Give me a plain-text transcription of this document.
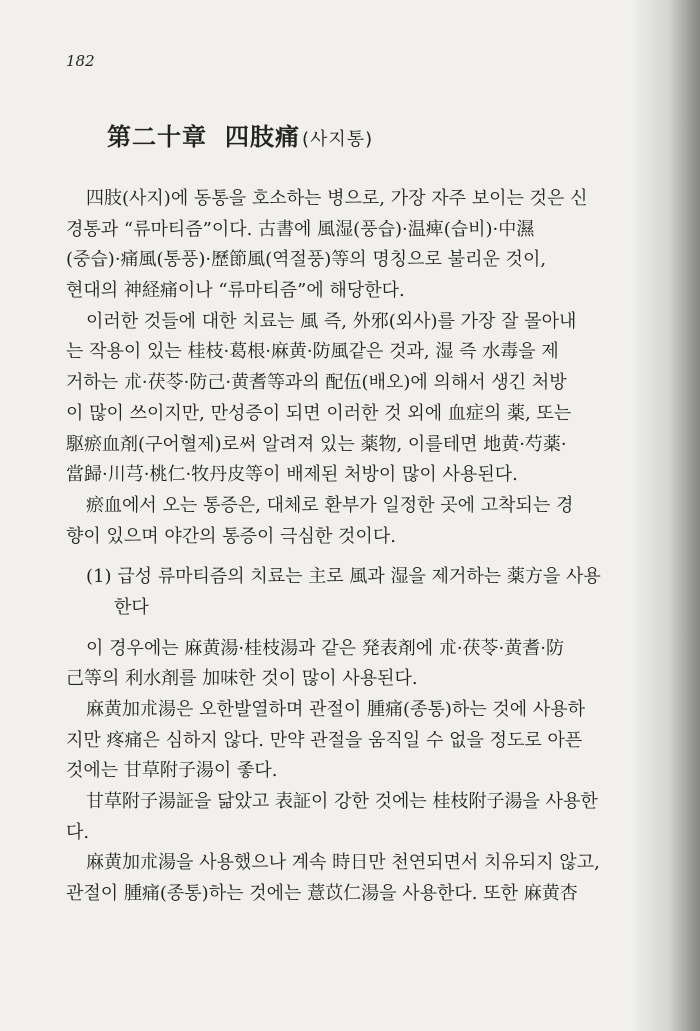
182
第二十章 四肢痛 (사지통)
四肢(사지)에 동통을 호소하는 병으로, 가장 자주 보이는 것은 신
경통과 “류마티즘”이다. 古書에 風湿(풍습)·温痺(습비)·中濕
(중습)·痛風(통풍)·歷節風(역절풍)等의 명칭으로 불리운 것이,
현대의 神経痛이나 “류마티즘”에 해당한다.
이러한 것들에 대한 치료는 風 즉, 外邪(외사)를 가장 잘 몰아내
는 작용이 있는 桂枝·葛根·麻黄·防風같은 것과, 湿 즉 水毒을 제
거하는 朮·茯苓·防己·黄耆等과의 配伍(배오)에 의해서 생긴 처방
이 많이 쓰이지만, 만성증이 되면 이러한 것 외에 血症의 薬, 또는
駆瘀血剤(구어혈제)로써 알려져 있는 薬物, 이를테면 地黄·芍薬·
當歸·川芎·桃仁·牧丹皮等이 배제된 처방이 많이 사용된다.
瘀血에서 오는 통증은, 대체로 환부가 일정한 곳에 고착되는 경
향이 있으며 야간의 통증이 극심한 것이다.
(1) 급성 류마티즘의 치료는 主로 風과 湿을 제거하는 薬方을 사용
한다
이 경우에는 麻黄湯·桂枝湯과 같은 発表剤에 朮·茯苓·黄耆·防
己等의 利水剤를 加味한 것이 많이 사용된다.
麻黄加朮湯은 오한발열하며 관절이 腫痛(종통)하는 것에 사용하
지만 疼痛은 심하지 않다. 만약 관절을 움직일 수 없을 정도로 아픈
것에는 甘草附子湯이 좋다.
甘草附子湯証을 닮았고 表証이 강한 것에는 桂枝附子湯을 사용한
다.
麻黄加朮湯을 사용했으나 계속 時日만 천연되면서 치유되지 않고,
관절이 腫痛(종통)하는 것에는 薏苡仁湯을 사용한다. 또한 麻黄杏
